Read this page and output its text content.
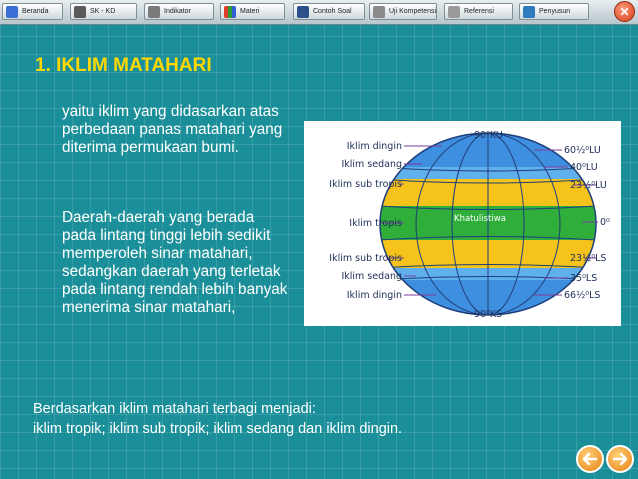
Beranda	SK - KD	Indikator	Materi	Contoh Soal	Uji Kompetensi	Referensi	Penyusun	✕
1. IKLIM MATAHARI

yaitu iklim yang didasarkan atas perbedaan panas matahari yang diterima permukaan bumi.

Daerah-daerah yang berada pada lintang tinggi lebih sedikit memperoleh sinar matahari, sedangkan daerah yang terletak pada lintang rendah lebih banyak menerima sinar matahari,

Iklim dingin
Iklim sedang
Iklim sub tropis
Iklim tropis
Iklim sub tropis
Iklim sedang
Iklim dingin
90⁰KU
90⁰KS
60½⁰LU
40⁰LU
23½⁰LU
0⁰
23½⁰LS
35⁰LS
66½⁰LS
Khatulistiwa

Berdasarkan iklim matahari terbagi menjadi:
iklim tropik; iklim sub tropik; iklim sedang dan iklim dingin.
